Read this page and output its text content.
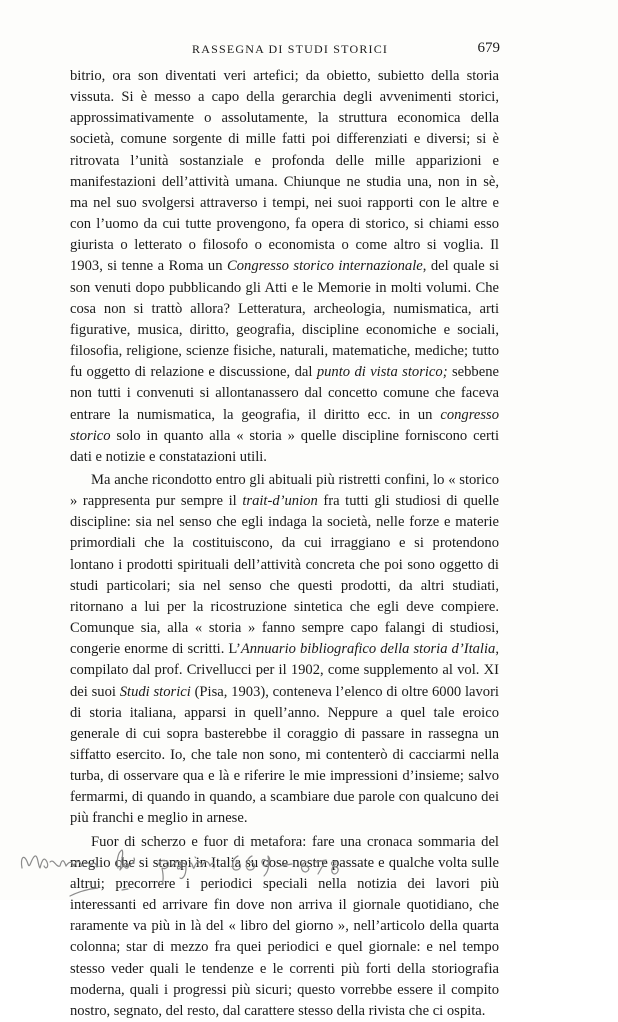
RASSEGNA DI STUDI STORICI	679

bitrio, ora son diventati veri artefici; da obietto, subietto della storia vissuta. Si è messo a capo della gerarchia degli avvenimenti storici, approssimativamente o assolutamente, la struttura economica della società, comune sorgente di mille fatti poi differenziati e diversi; si è ritrovata l’unità sostanziale e profonda delle mille apparizioni e manifestazioni dell’attività umana. Chiunque ne studia una, non in sè, ma nel suo svolgersi attraverso i tempi, nei suoi rapporti con le altre e con l’uomo da cui tutte provengono, fa opera di storico, si chiami esso giurista o letterato o filosofo o economista o come altro si voglia. Il 1903, si tenne a Roma un Congresso storico internazionale, del quale si son venuti dopo pubblicando gli Atti e le Memorie in molti volumi. Che cosa non si trattò allora? Letteratura, archeologia, numismatica, arti figurative, musica, diritto, geografia, discipline economiche e sociali, filosofia, religione, scienze fisiche, naturali, matematiche, mediche; tutto fu oggetto di relazione e discussione, dal punto di vista storico; sebbene non tutti i convenuti si allontanassero dal concetto comune che faceva entrare la numismatica, la geografia, il diritto ecc. in un congresso storico solo in quanto alla « storia » quelle discipline forniscono certi dati e notizie e constatazioni utili.

Ma anche ricondotto entro gli abituali più ristretti confini, lo « storico » rappresenta pur sempre il trait-d’union fra tutti gli studiosi di quelle discipline: sia nel senso che egli indaga la società, nelle forze e materie primordiali che la costituiscono, da cui irraggiano e si protendono lontano i prodotti spirituali dell’attività concreta che poi sono oggetto di studi particolari; sia nel senso che questi prodotti, da altri studiati, ritornano a lui per la ricostruzione sintetica che egli deve compiere. Comunque sia, alla « storia » fanno sempre capo falangi di studiosi, congerie enorme di scritti. L’Annuario bibliografico della storia d’Italia, compilato dal prof. Crivellucci per il 1902, come supplemento al vol. XI dei suoi Studi storici (Pisa, 1903), conteneva l’elenco di oltre 6000 lavori di storia italiana, apparsi in quell’anno. Neppure a quel tale eroico generale di cui sopra basterebbe il coraggio di passare in rassegna un siffatto esercito. Io, che tale non sono, mi contenterò di cacciarmi nella turba, di osservare qua e là e riferire le mie impressioni d’insieme; salvo fermarmi, di quando in quando, a scambiare due parole con qualcuno dei più franchi e meglio in arnese.

Fuor di scherzo e fuor di metafora: fare una cronaca sommaria del meglio che si stampi in Italia su cose nostre passate e qualche volta sulle altrui; precorrere i periodici speciali nella notizia dei lavori più interessanti ed arrivare fin dove non arriva il giornale quotidiano, che raramente va più in là del « libro del giorno », nell’articolo della quarta colonna; star di mezzo fra quei periodici e quel giornale: e nel tempo stesso veder quali le tendenze e le correnti più forti della storiografia moderna, quali i progressi più sicuri; questo vorrebbe essere il compito nostro, segnato, del resto, dal carattere stesso della rivista che ci ospita.
